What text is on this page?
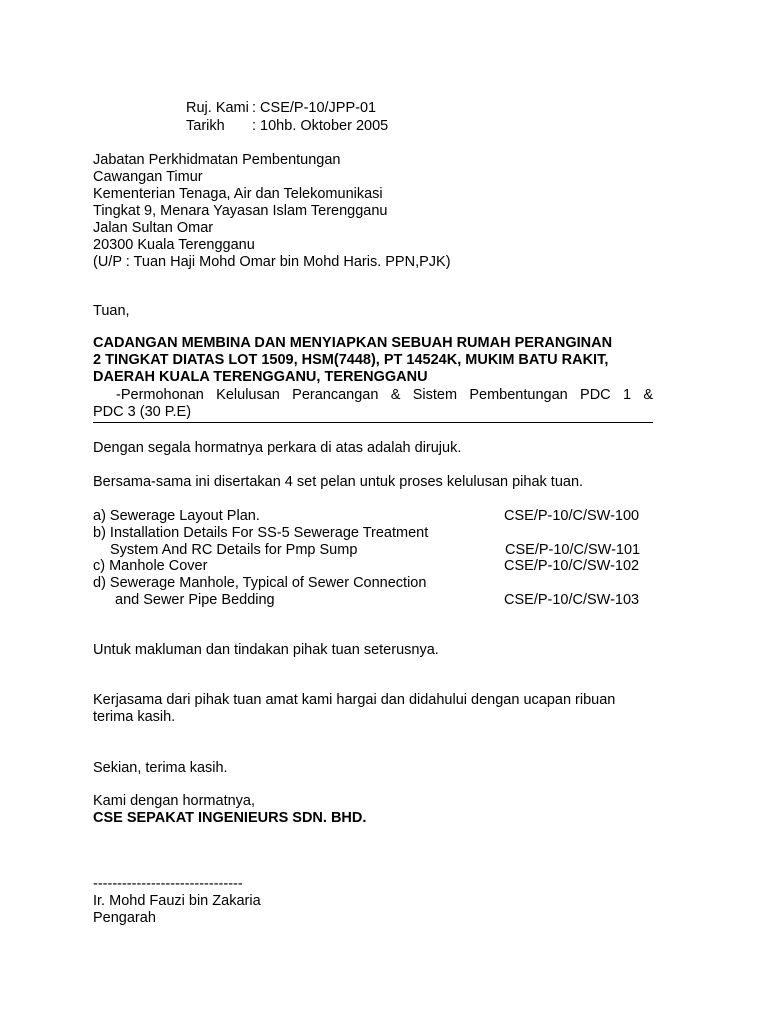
Ruj. Kami : CSE/P-10/JPP-01
Tarikh : 10hb. Oktober 2005
Jabatan Perkhidmatan Pembentungan
Cawangan Timur
Kementerian Tenaga, Air dan Telekomunikasi
Tingkat 9, Menara Yayasan Islam Terengganu
Jalan Sultan Omar
20300 Kuala Terengganu
(U/P : Tuan Haji Mohd Omar bin Mohd Haris. PPN,PJK)
Tuan,
CADANGAN MEMBINA DAN MENYIAPKAN SEBUAH RUMAH PERANGINAN
2 TINGKAT DIATAS LOT 1509, HSM(7448), PT 14524K, MUKIM BATU RAKIT,
DAERAH KUALA TERENGGANU, TERENGGANU
-Permohonan Kelulusan Perancangan & Sistem Pembentungan PDC 1 &
PDC 3 (30 P.E)
Dengan segala hormatnya perkara di atas adalah dirujuk.
Bersama-sama ini disertakan 4 set pelan untuk proses kelulusan pihak tuan.
a) Sewerage Layout Plan.	CSE/P-10/C/SW-100
b) Installation Details For SS-5 Sewerage Treatment
System And RC Details for Pmp Sump	CSE/P-10/C/SW-101
c) Manhole Cover	CSE/P-10/C/SW-102
d) Sewerage Manhole, Typical of Sewer Connection
and Sewer Pipe Bedding	CSE/P-10/C/SW-103
Untuk makluman dan tindakan pihak tuan seterusnya.
Kerjasama dari pihak tuan amat kami hargai dan didahului dengan ucapan ribuan
terima kasih.
Sekian, terima kasih.
Kami dengan hormatnya,
CSE SEPAKAT INGENIEURS SDN. BHD.
-------------------------------
Ir. Mohd Fauzi bin Zakaria
Pengarah
